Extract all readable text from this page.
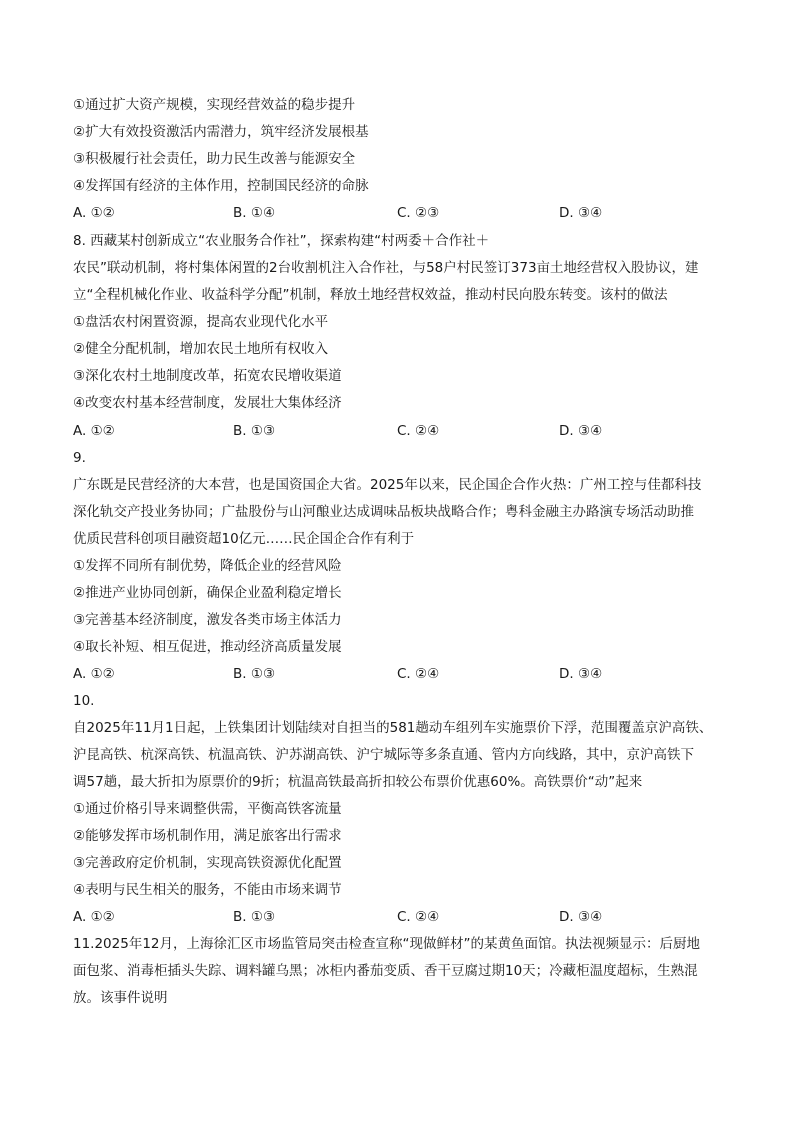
①通过扩大资产规模，实现经营效益的稳步提升
②扩大有效投资激活内需潜力，筑牢经济发展根基
③积极履行社会责任，助力民生改善与能源安全
④发挥国有经济的主体作用，控制国民经济的命脉
A. ①②	B. ①④	C. ②③	D. ③④
8. 西藏某村创新成立“农业服务合作社”，探索构建“村两委＋合作社＋
农民”联动机制，将村集体闲置的2台收割机注入合作社，与58户村民签订373亩土地经营权入股协议，建
立“全程机械化作业、收益科学分配”机制，释放土地经营权效益，推动村民向股东转变。该村的做法
①盘活农村闲置资源，提高农业现代化水平
②健全分配机制，增加农民土地所有权收入
③深化农村土地制度改革，拓宽农民增收渠道
④改变农村基本经营制度，发展壮大集体经济
A. ①②	B. ①③	C. ②④	D. ③④
9.
广东既是民营经济的大本营，也是国资国企大省。2025年以来，民企国企合作火热：广州工控与佳都科技
深化轨交产投业务协同；广盐股份与山河酿业达成调味品板块战略合作；粤科金融主办路演专场活动助推
优质民营科创项目融资超10亿元……民企国企合作有利于
①发挥不同所有制优势，降低企业的经营风险
②推进产业协同创新，确保企业盈利稳定增长
③完善基本经济制度，激发各类市场主体活力
④取长补短、相互促进，推动经济高质量发展
A. ①②	B. ①③	C. ②④	D. ③④
10.
自2025年11月1日起，上铁集团计划陆续对自担当的581趟动车组列车实施票价下浮，范围覆盖京沪高铁、
沪昆高铁、杭深高铁、杭温高铁、沪苏湖高铁、沪宁城际等多条直通、管内方向线路，其中，京沪高铁下
调57趟，最大折扣为原票价的9折；杭温高铁最高折扣较公布票价优惠60%。高铁票价“动”起来
①通过价格引导来调整供需，平衡高铁客流量
②能够发挥市场机制作用，满足旅客出行需求
③完善政府定价机制，实现高铁资源优化配置
④表明与民生相关的服务，不能由市场来调节
A. ①②	B. ①③	C. ②④	D. ③④
11.2025年12月，上海徐汇区市场监管局突击检查宣称“现做鲜材”的某黄鱼面馆。执法视频显示：后厨地
面包浆、消毒柜插头失踪、调料罐乌黑；冰柜内番茄变质、香干豆腐过期10天；冷藏柜温度超标，生熟混
放。该事件说明
